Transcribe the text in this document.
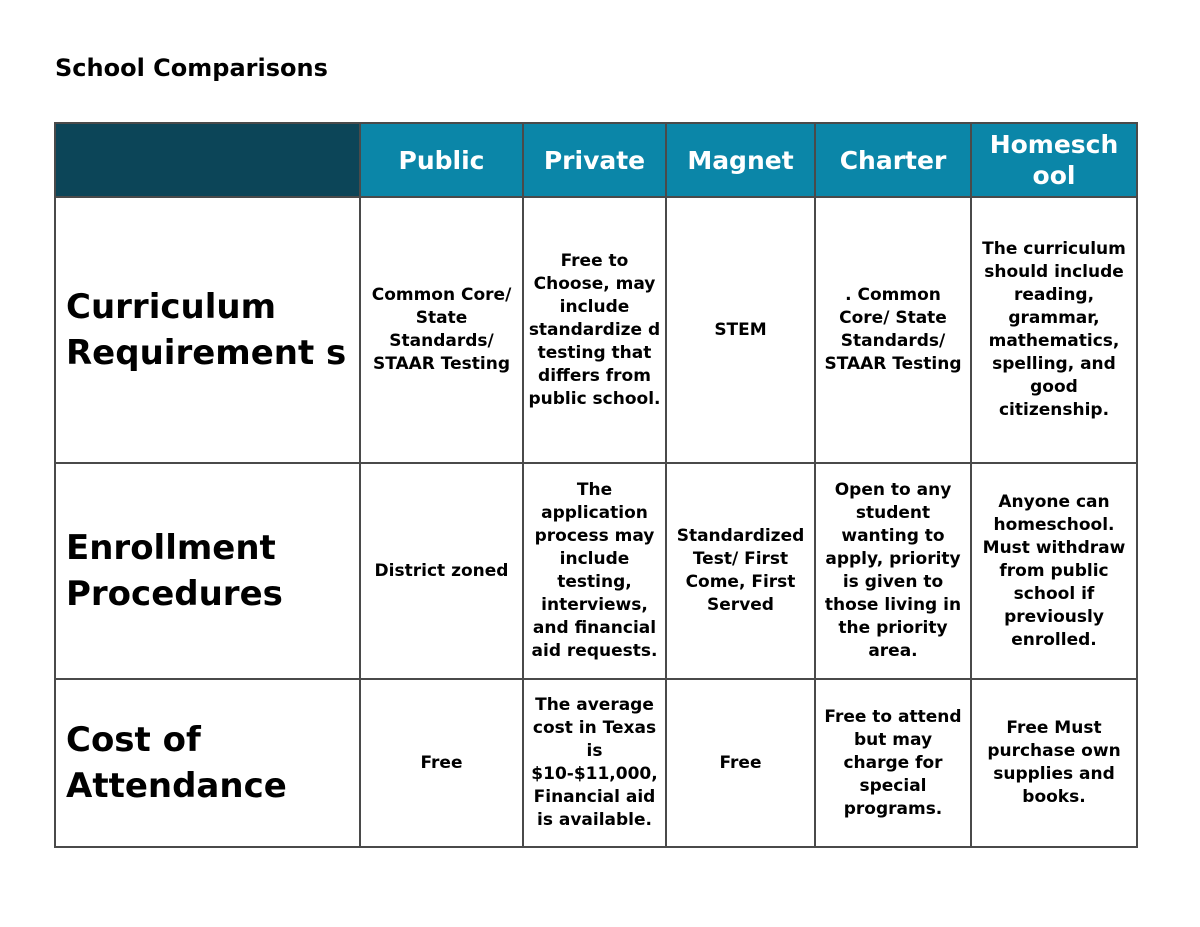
School Comparisons
	Public	Private	Magnet	Charter	Homesch ool
Curriculum Requirement s	Common Core/ State Standards/ STAAR Testing	Free to Choose, may include standardize d testing that differs from public school.	STEM	. Common Core/ State Standards/ STAAR Testing	The curriculum should include reading, grammar, mathematics, spelling, and good citizenship.
Enrollment Procedures	District zoned	The application process may include testing, interviews, and financial aid requests.	Standardized Test/ First Come, First Served	Open to any student wanting to apply, priority is given to those living in the priority area.	Anyone can homeschool. Must withdraw from public school if previously enrolled.
Cost of Attendance	Free	The average cost in Texas is $10-$11,000, Financial aid is available.	Free	Free to attend but may charge for special programs.	Free Must purchase own supplies and books.
